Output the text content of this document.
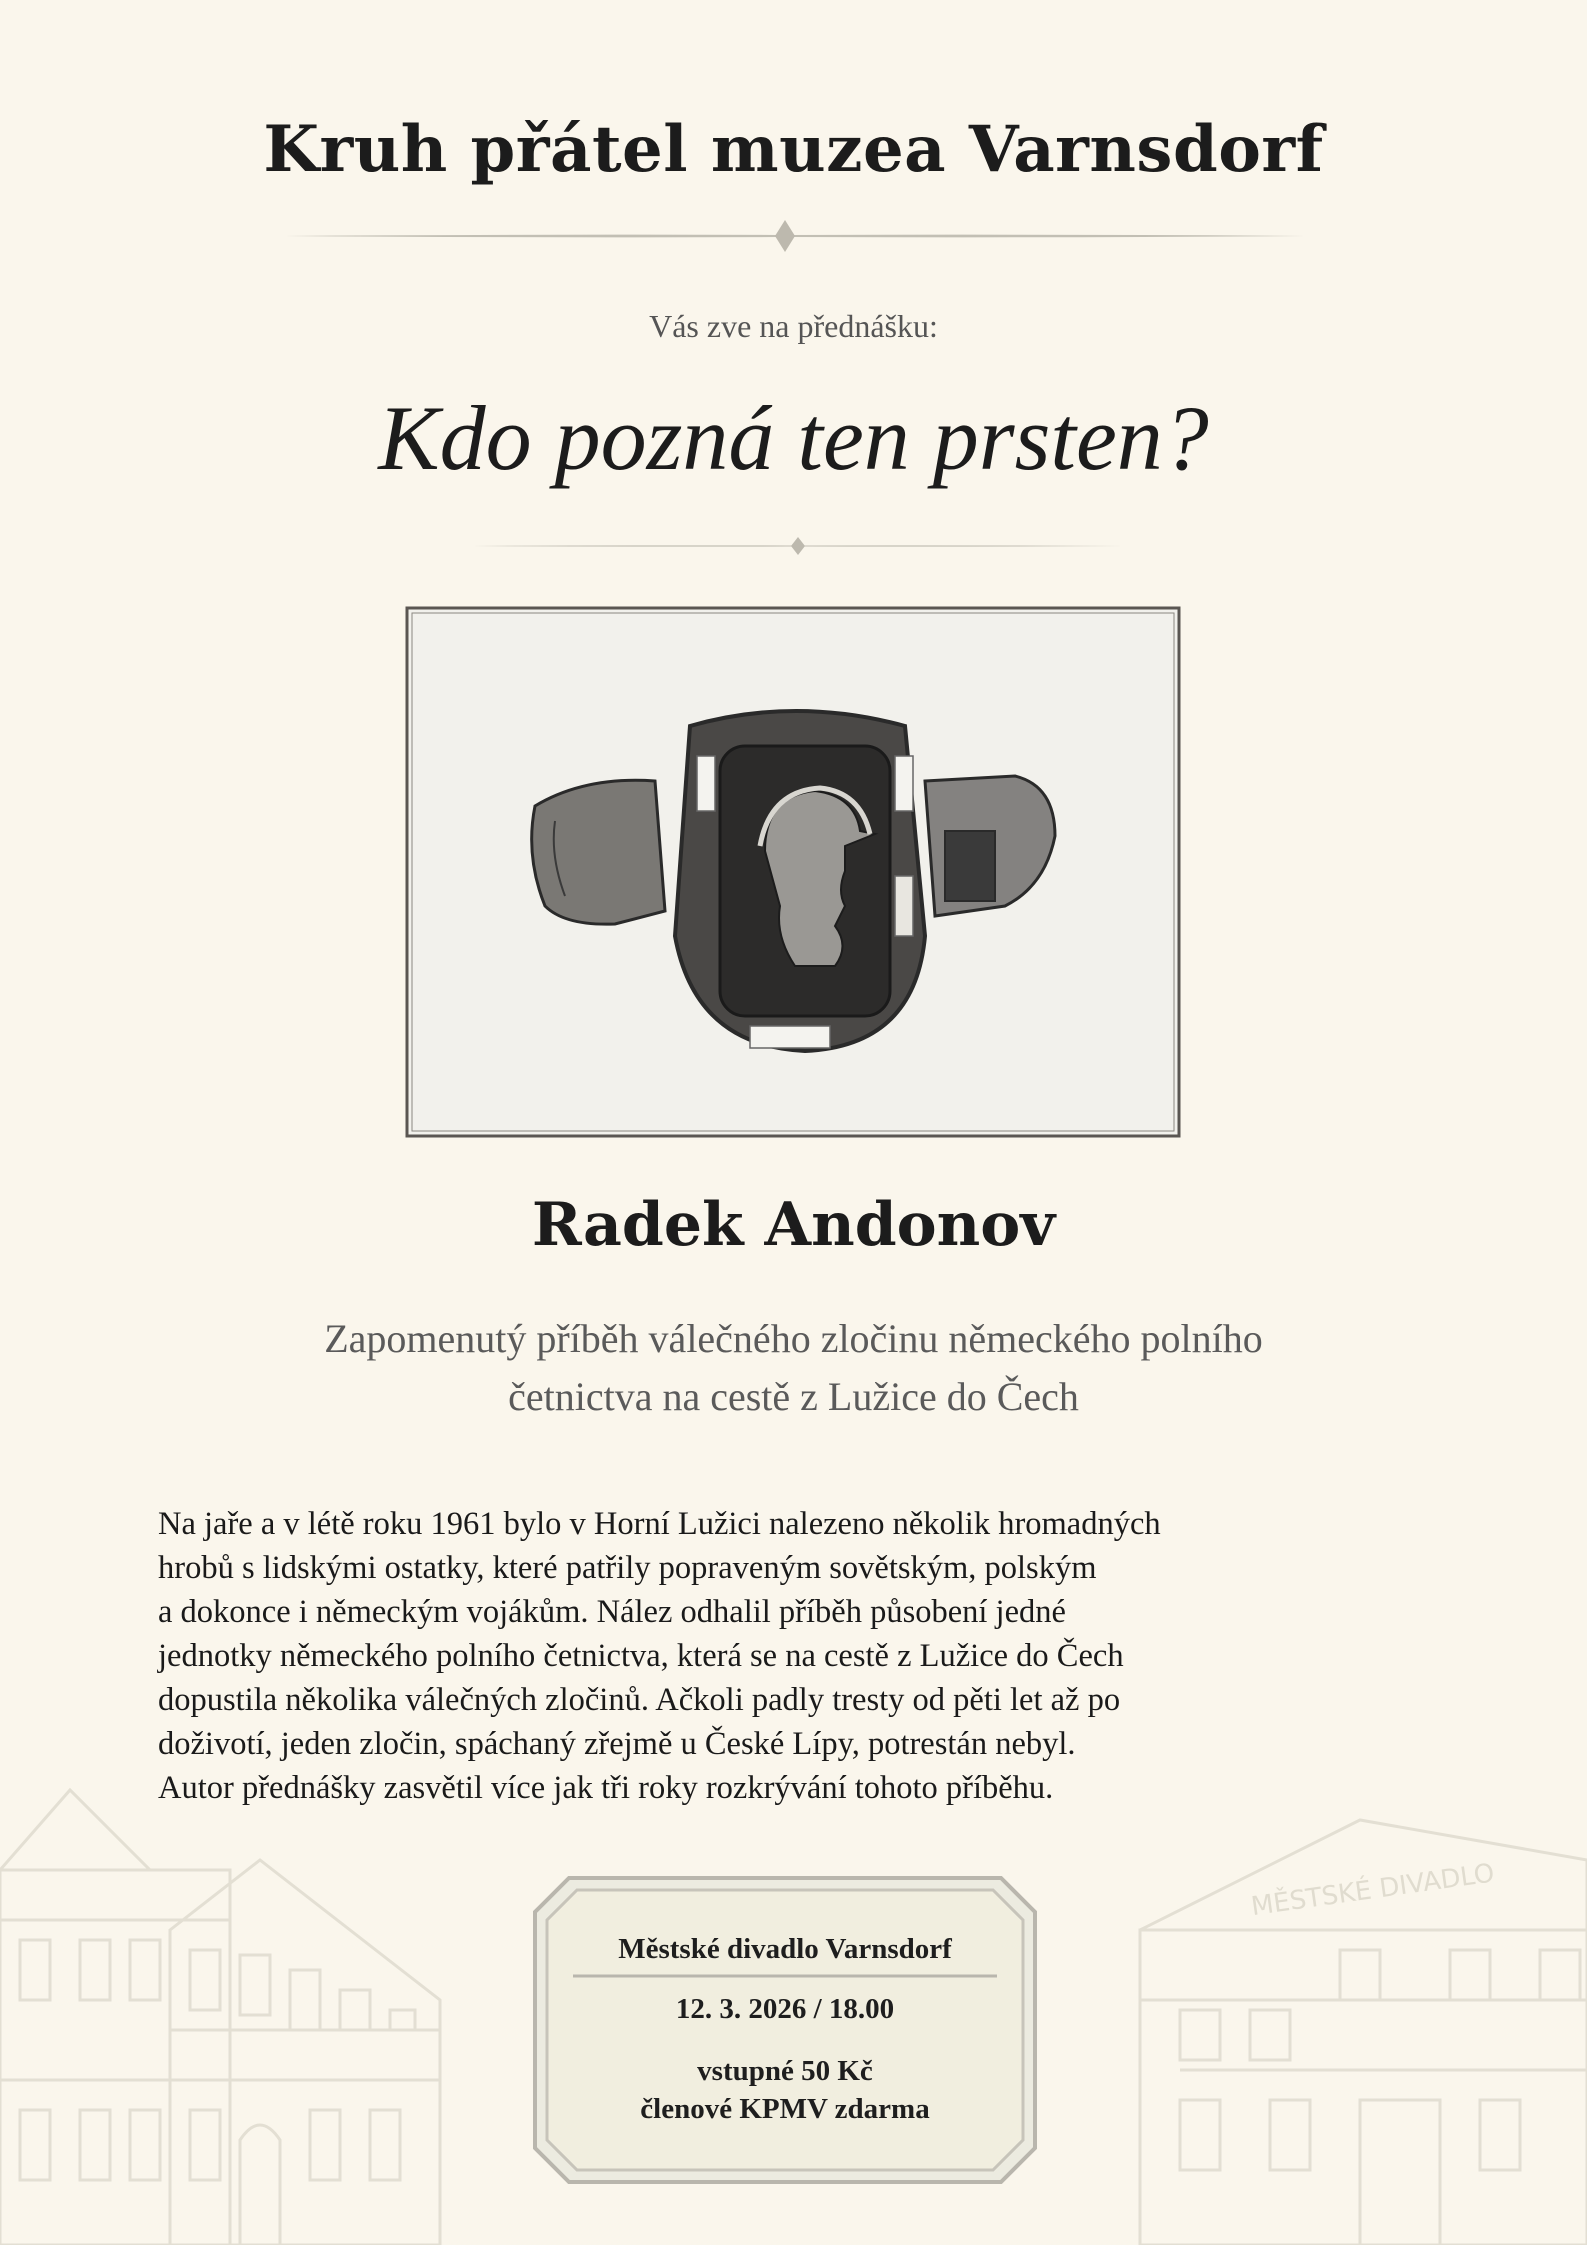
MĚSTSKÉ DIVADLO
Kruh přátel muzea Varnsdorf
Vás zve na přednášku:
Kdo pozná ten prsten?
Radek Andonov
Zapomenutý příběh válečného zločinu německého polního
četnictva na cestě z Lužice do Čech
Na jaře a v létě roku 1961 bylo v Horní Lužici nalezeno několik hromadných
hrobů s lidskými ostatky, které patřily popraveným sovětským, polským
a dokonce i německým vojákům. Nález odhalil příběh působení jedné
jednotky německého polního četnictva, která se na cestě z Lužice do Čech
dopustila několika válečných zločinů. Ačkoli padly tresty od pěti let až po
doživotí, jeden zločin, spáchaný zřejmě u České Lípy, potrestán nebyl.
Autor přednášky zasvětil více jak tři roky rozkrývání tohoto příběhu.
Městské divadlo Varnsdorf
12. 3. 2026 / 18.00
vstupné 50 Kč
členové KPMV zdarma
